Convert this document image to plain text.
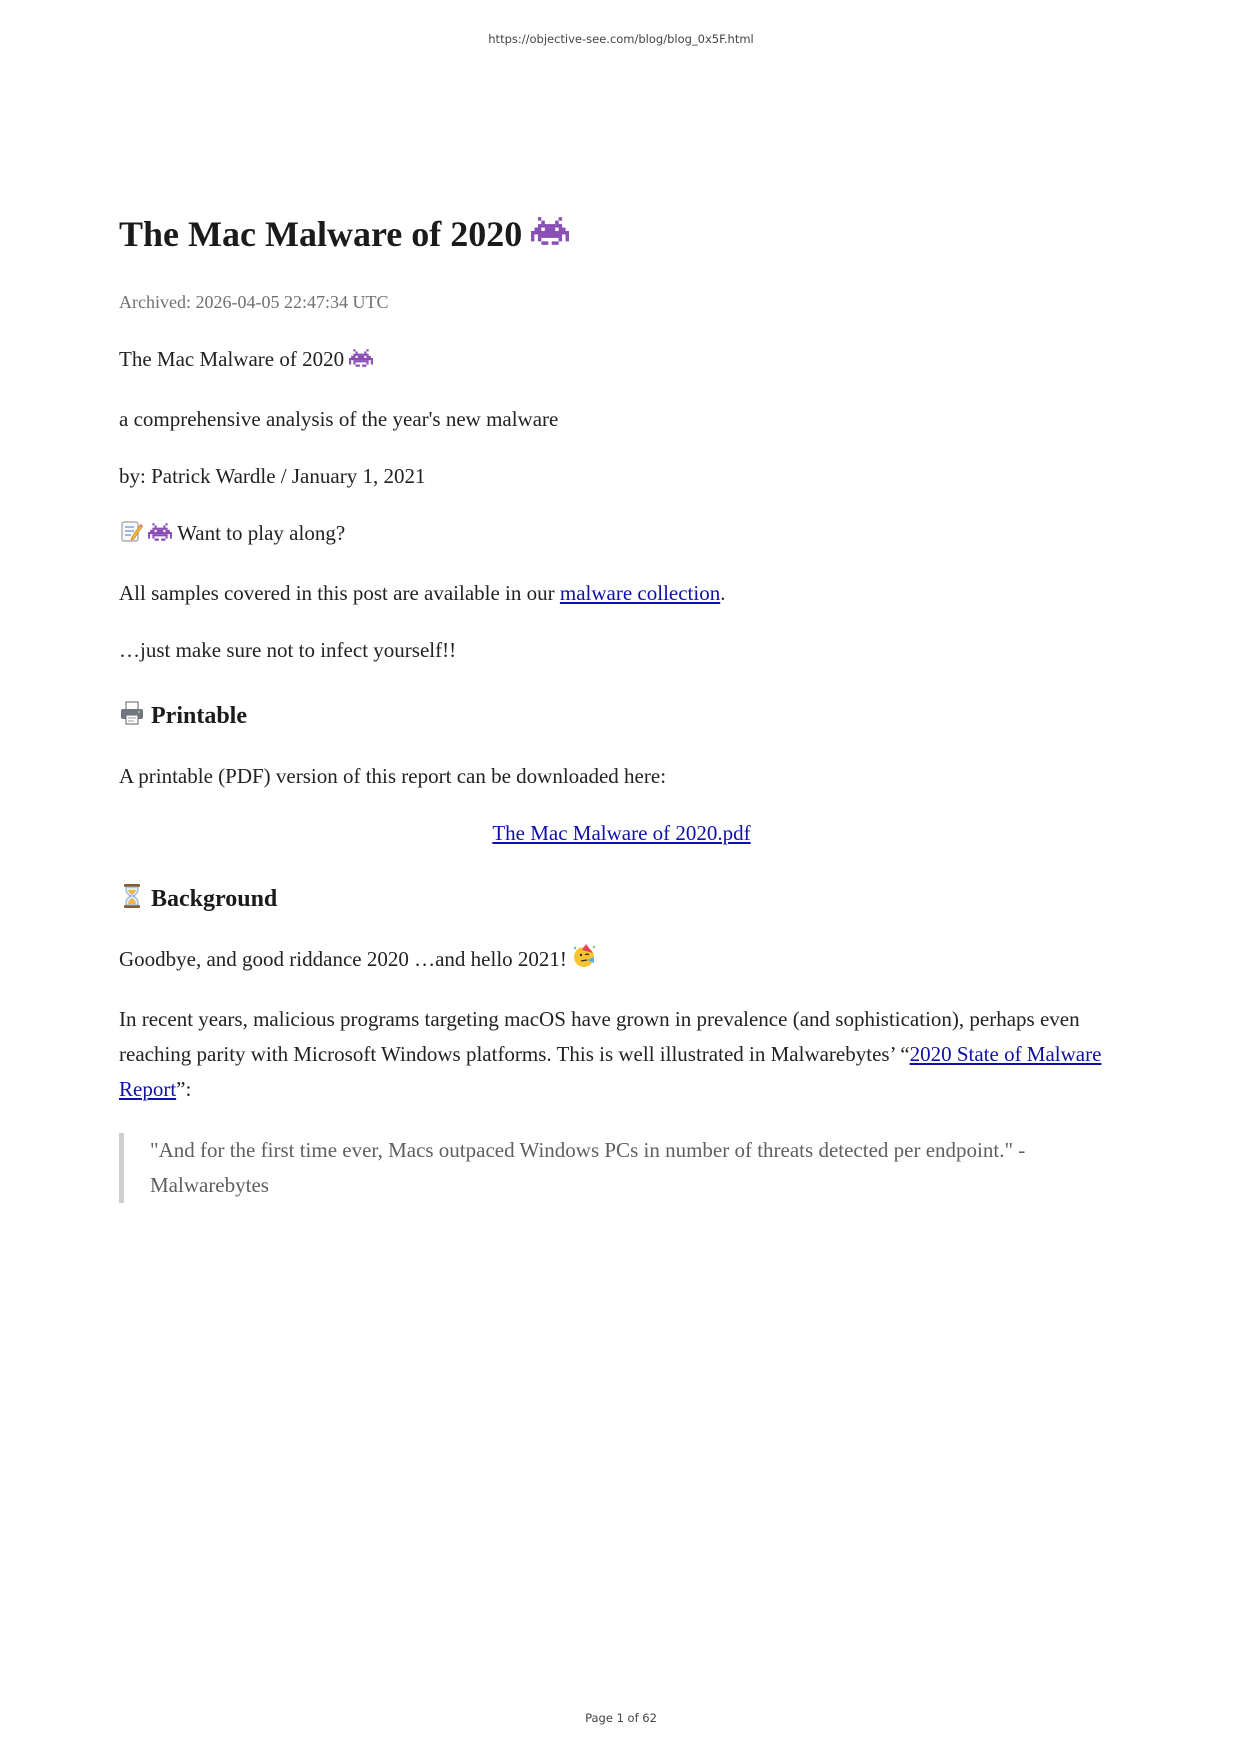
https://objective-see.com/blog/blog_0x5F.html
The Mac Malware of 2020
Archived: 2026-04-05 22:47:34 UTC

The Mac Malware of 2020

a comprehensive analysis of the year's new malware

by: Patrick Wardle / January 1, 2021

Want to play along?

All samples covered in this post are available in our malware collection.

…just make sure not to infect yourself!!

Printable

A printable (PDF) version of this report can be downloaded here:

The Mac Malware of 2020.pdf

Background

Goodbye, and good riddance 2020 …and hello 2021!

In recent years, malicious programs targeting macOS have grown in prevalence (and sophistication), perhaps even reaching parity with Microsoft Windows platforms. This is well illustrated in Malwarebytes’ “2020 State of Malware Report”:

"And for the first time ever, Macs outpaced Windows PCs in number of threats detected per endpoint." - Malwarebytes
Page 1 of 62
